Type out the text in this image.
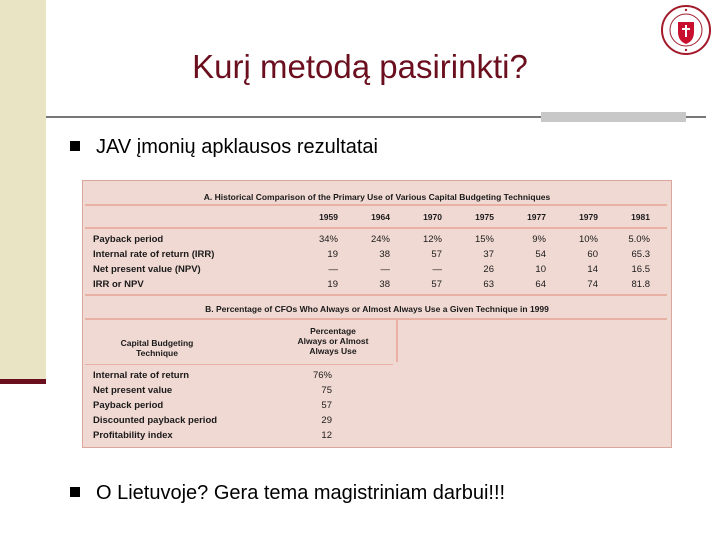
Kurį metodą pasirinkti?
JAV įmonių apklausos rezultatai
A. Historical Comparison of the Primary Use of Various Capital Budgeting Techniques
1959	1964	1970	1975	1977	1979	1981
Payback period	34%	24%	12%	15%	9%	10%	5.0%
Internal rate of return (IRR)	19	38	57	37	54	60	65.3
Net present value (NPV)	—	—	—	26	10	14	16.5
IRR or NPV	19	38	57	63	64	74	81.8
B. Percentage of CFOs Who Always or Almost Always Use a Given Technique in 1999
Capital Budgeting
Technique
Percentage
Always or Almost
Always Use
Internal rate of return	76%
Net present value	75
Payback period	57
Discounted payback period	29
Profitability index	12
O Lietuvoje? Gera tema magistriniam darbui!!!
